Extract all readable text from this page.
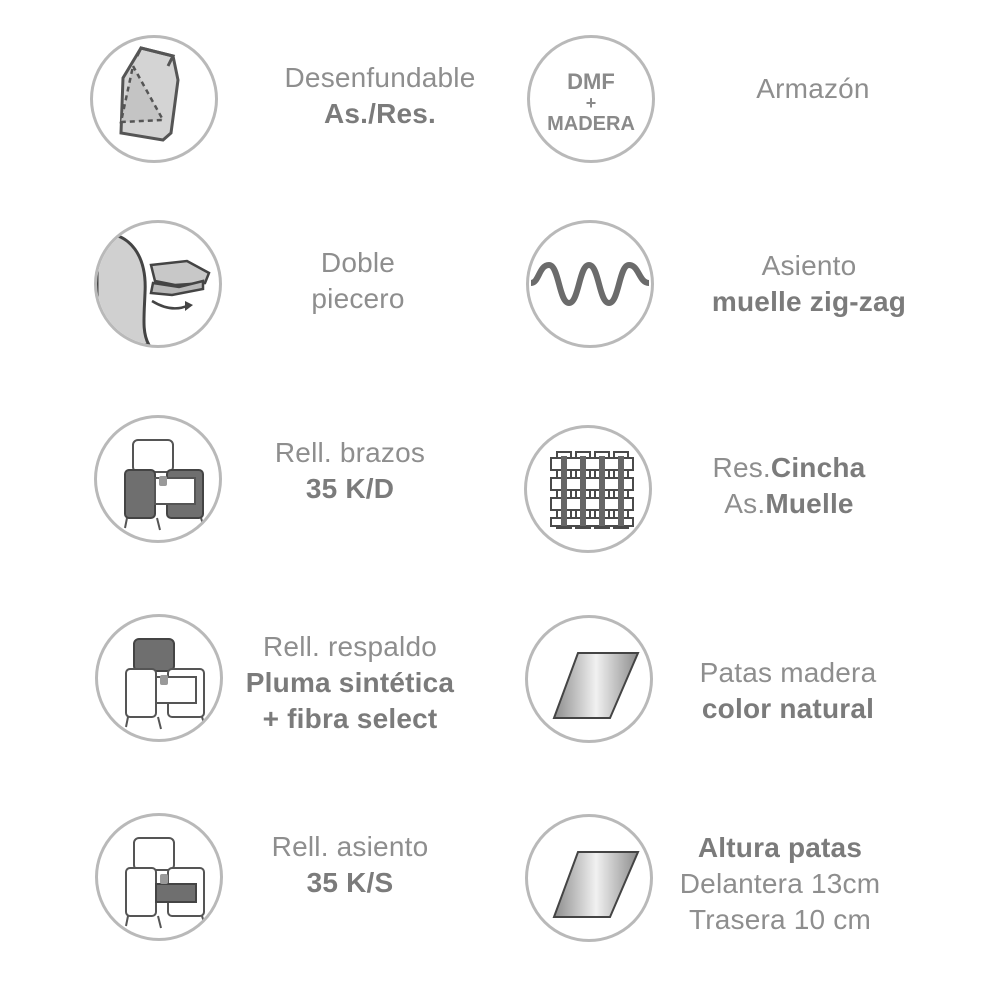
Desenfundable
As./Res.
DMF
+
MADERA
Armazón
Doble
piecero
Asiento
muelle zig-zag
Rell. brazos
35 K/D
Res.Cincha
As.Muelle
Rell. respaldo
Pluma sintética
+ fibra select
Patas madera
color natural
Rell. asiento
35 K/S
Altura patas
Delantera 13cm
Trasera 10 cm
